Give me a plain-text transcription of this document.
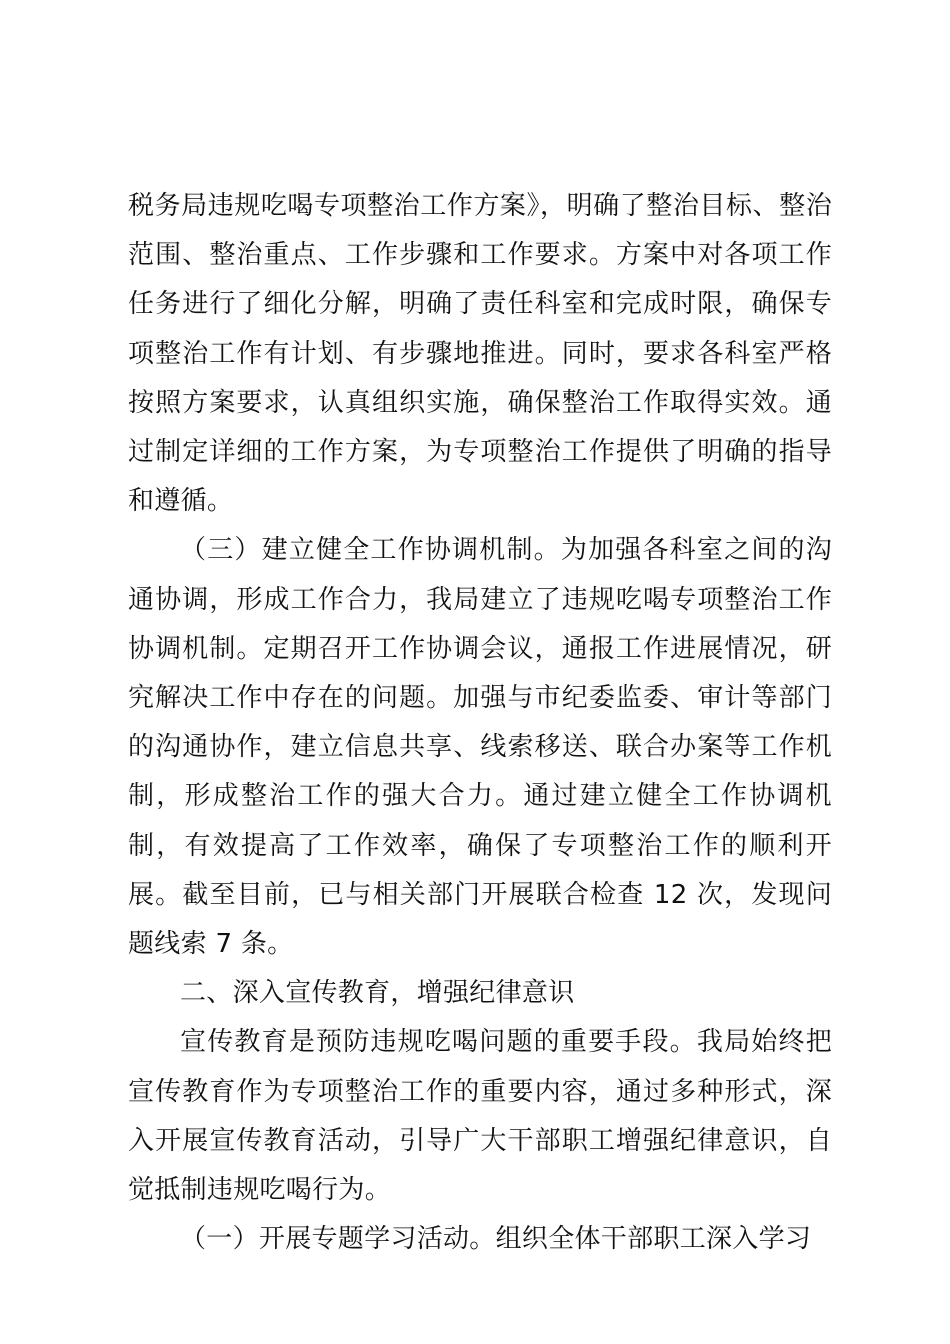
税务局违规吃喝专项整治工作方案》，明确了整治目标、整治范围、整治重点、工作步骤和工作要求。方案中对各项工作任务进行了细化分解，明确了责任科室和完成时限，确保专项整治工作有计划、有步骤地推进。同时，要求各科室严格按照方案要求，认真组织实施，确保整治工作取得实效。通过制定详细的工作方案，为专项整治工作提供了明确的指导和遵循。

（三）建立健全工作协调机制。为加强各科室之间的沟通协调，形成工作合力，我局建立了违规吃喝专项整治工作协调机制。定期召开工作协调会议，通报工作进展情况，研究解决工作中存在的问题。加强与市纪委监委、审计等部门的沟通协作，建立信息共享、线索移送、联合办案等工作机制，形成整治工作的强大合力。通过建立健全工作协调机制，有效提高了工作效率，确保了专项整治工作的顺利开展。截至目前，已与相关部门开展联合检查 12 次，发现问题线索 7 条。

二、深入宣传教育，增强纪律意识

宣传教育是预防违规吃喝问题的重要手段。我局始终把宣传教育作为专项整治工作的重要内容，通过多种形式，深入开展宣传教育活动，引导广大干部职工增强纪律意识，自觉抵制违规吃喝行为。

（一）开展专题学习活动。组织全体干部职工深入学习
